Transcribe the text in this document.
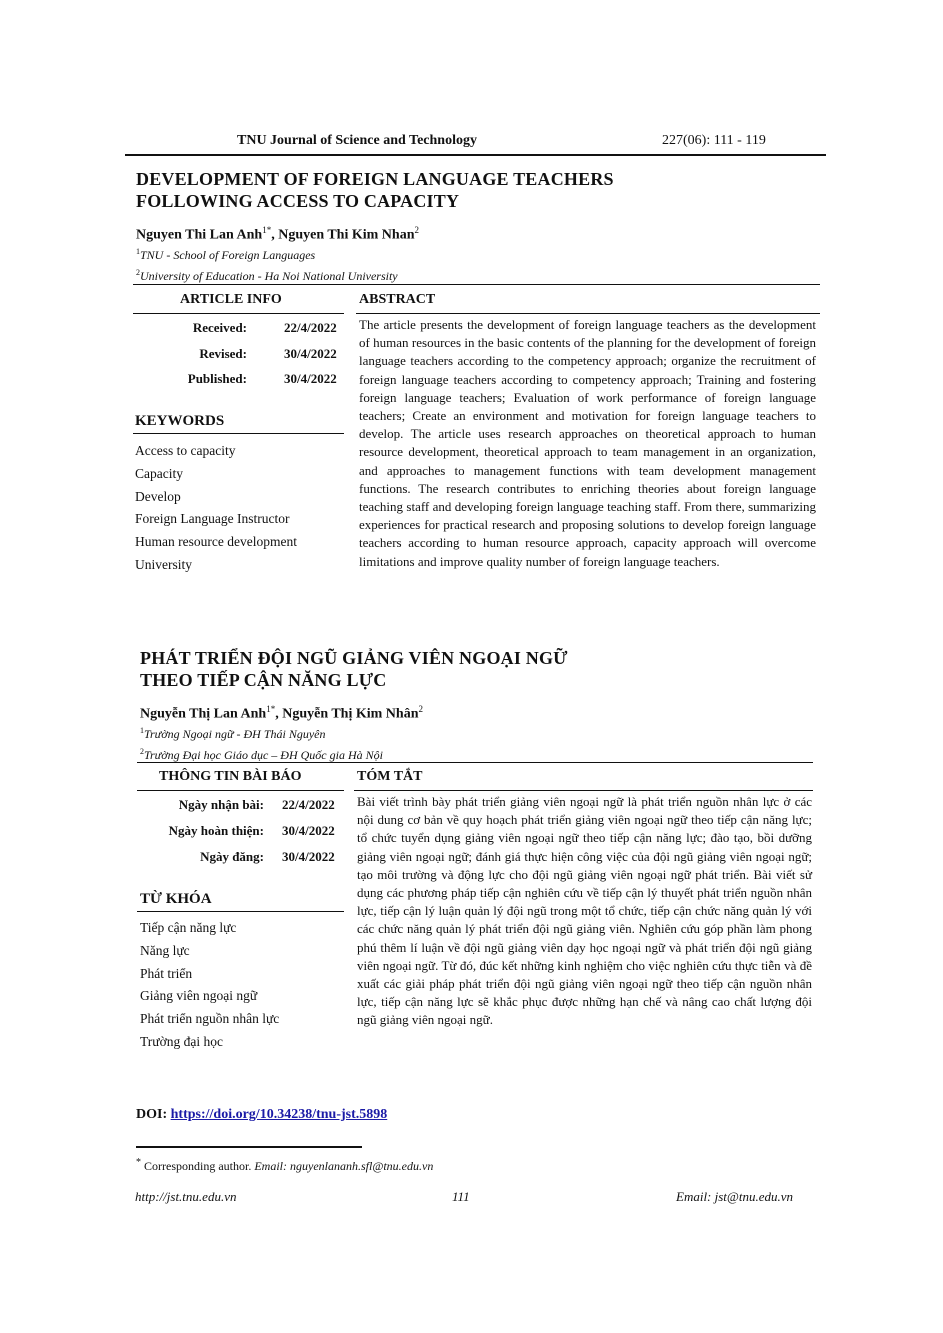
TNU Journal of Science and Technology	227(06): 111 - 119
DEVELOPMENT OF FOREIGN LANGUAGE TEACHERS
FOLLOWING ACCESS TO CAPACITY
Nguyen Thi Lan Anh$^{1*}$, Nguyen Thi Kim Nhan$^2$
$^1$TNU - School of Foreign Languages
$^2$University of Education - Ha Noi National University
ARTICLE INFO	ABSTRACT
Received:	22/4/2022
Revised:	30/4/2022
Published:	30/4/2022
KEYWORDS
Access to capacity
Capacity
Develop
Foreign Language Instructor
Human resource development
University
The article presents the development of foreign language teachers as the development of human resources in the basic contents of the planning for the development of foreign language teachers according to the competency approach; organize the recruitment of foreign language teachers according to competency approach; Training and fostering foreign language teachers; Evaluation of work performance of foreign language teachers; Create an environment and motivation for foreign language teachers to develop. The article uses research approaches on theoretical approach to human resource development, theoretical approach to team management in an organization, and approaches to management functions with team development management functions. The research contributes to enriching theories about foreign language teaching staff and developing foreign language teaching staff. From there, summarizing experiences for practical research and proposing solutions to develop foreign language teachers according to human resource approach, capacity approach will overcome limitations and improve quality number of foreign language teachers.
PHÁT TRIỂN ĐỘI NGŨ GIẢNG VIÊN NGOẠI NGỮ
THEO TIẾP CẬN NĂNG LỰC
Nguyễn Thị Lan Anh$^{1*}$, Nguyễn Thị Kim Nhân$^2$
$^1$Trường Ngoại ngữ - ĐH Thái Nguyên
$^2$Trường Đại học Giáo dục – ĐH Quốc gia Hà Nội
THÔNG TIN BÀI BÁO	TÓM TẮT
Ngày nhận bài: 22/4/2022
Ngày hoàn thiện: 30/4/2022
Ngày đăng: 30/4/2022
TỪ KHÓA
Tiếp cận năng lực
Năng lực
Phát triển
Giảng viên ngoại ngữ
Phát triển nguồn nhân lực
Trường đại học
Bài viết trình bày phát triển giảng viên ngoại ngữ là phát triển nguồn nhân lực ở các nội dung cơ bản về quy hoạch phát triển giảng viên ngoại ngữ theo tiếp cận năng lực; tổ chức tuyển dụng giảng viên ngoại ngữ theo tiếp cận năng lực; đào tạo, bồi dưỡng giảng viên ngoại ngữ; đánh giá thực hiện công việc của đội ngũ giảng viên ngoại ngữ; tạo môi trường và động lực cho đội ngũ giảng viên ngoại ngữ phát triển. Bài viết sử dụng các phương pháp tiếp cận nghiên cứu về tiếp cận lý thuyết phát triển nguồn nhân lực, tiếp cận lý luận quản lý đội ngũ trong một tổ chức, tiếp cận chức năng quản lý với các chức năng quản lý phát triển đội ngũ giảng viên. Nghiên cứu góp phần làm phong phú thêm lí luận về đội ngũ giảng viên dạy học ngoại ngữ và phát triển đội ngũ giảng viên ngoại ngữ. Từ đó, đúc kết những kinh nghiệm cho việc nghiên cứu thực tiễn và đề xuất các giải pháp phát triển đội ngũ giảng viên ngoại ngữ theo tiếp cận nguồn nhân lực, tiếp cận năng lực sẽ khắc phục được những hạn chế và nâng cao chất lượng đội ngũ giảng viên ngoại ngữ.
DOI: https://doi.org/10.34238/tnu-jst.5898
* Corresponding author. Email: nguyenlananh.sfl@tnu.edu.vn
http://jst.tnu.edu.vn	111	Email: jst@tnu.edu.vn
